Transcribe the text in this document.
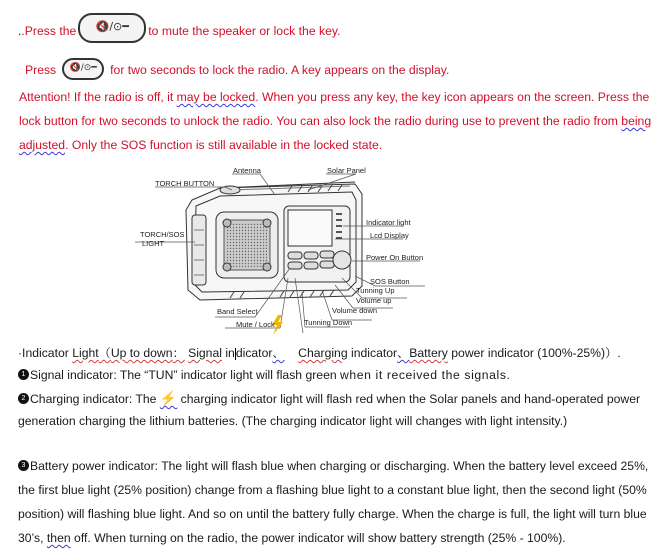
..Press the 🔇/⊙━ to mute the speaker or lock the key.
Press 🔇/⊙━ for two seconds to lock the radio. A key appears on the display.
Attention! If the radio is off, it may be locked. When you press any key, the key icon appears on the screen. Press the
lock button for two seconds to unlock the radio. You can also lock the radio during use to prevent the radio from being
adjusted. Only the SOS function is still available in the locked state.
TORCH BUTTON
Antenna	Solar Panel
TORCH/SOS
LIGHT
Indicator light
Lcd Display
Power On Button
SOS Button
Tunning Up
Volume up
Volume down
Band Select
Mute / Lock	Tunning Down
·Indicator Light（Up to down： Signal indicator、 Charging indicator、Battery power indicator (100%-25%)）.
1 Signal indicator: The “TUN” indicator light will flash green when it received the signals.
2 Charging indicator: The ⚡ charging indicator light will flash red when the Solar panels and hand-operated power
generation charging the lithium batteries. (The charging indicator light will changes with light intensity.)
3 Battery power indicator: The light will flash blue when charging or discharging. When the battery level exceed 25%,
the first blue light (25% position) change from a flashing blue light to a constant blue light, then the second light (50%
position) will flashing blue light. And so on until the battery fully charge. When the charge is full, the light will turn blue
30’s, then off. When turning on the radio, the power indicator will show battery strength (25% - 100%).
